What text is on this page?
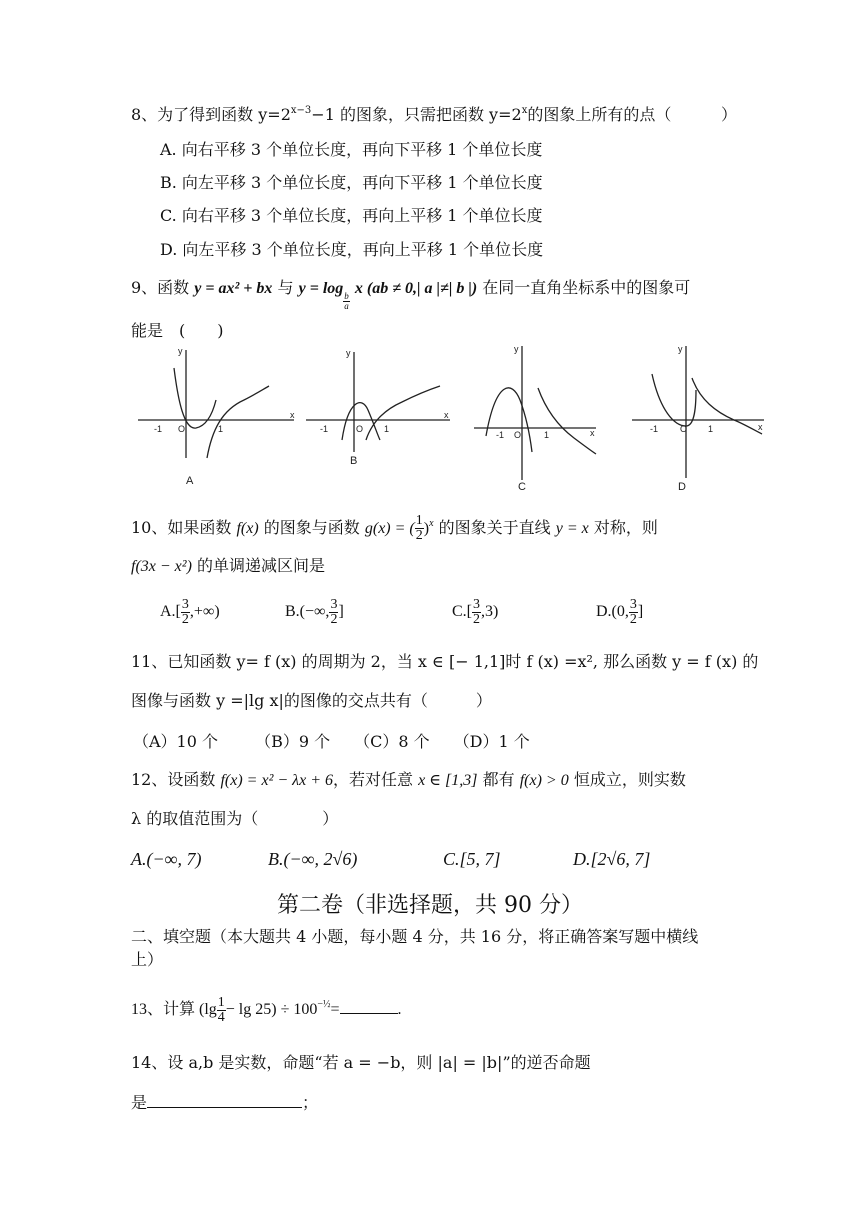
8、为了得到函数 $y=2^{x-3}-1$ 的图象，只需把函数 $y=2^x$的图象上所有的点（	）
A. 向右平移 3 个单位长度，再向下平移 1 个单位长度
B. 向左平移 3 个单位长度，再向下平移 1 个单位长度
C. 向右平移 3 个单位长度，再向上平移 1 个单位长度
D. 向左平移 3 个单位长度，再向上平移 1 个单位长度
9、函数 y = ax² + bx 与 y = log
$\frac{b}{a}$
x (ab ≠ 0,| a |≠| b |) 在同一直角坐标系中的图象可
能是　(　　)
y
x
O
-1	1
A
y
x
O
-1	1
B
y
x
O
-1	1
C
y
x
O
-1	1
D
10、如果函数 f(x) 的图象与函数 g(x) = ( $\frac{1}{2} )^x$ 的图象关于直线 y = x 对称，则
f(3x − x²) 的单调递减区间是
$A.[ \frac{3}{2}$ ,+∞)	B.(−∞, $\frac{3}{2}$ ]	$C.[ \frac{3}{2} ,3)$	D.(0, $\frac{3}{2}$ ]
11、已知函数 y= f (x) 的周期为 2，当 x ∈ [− 1,1]时 f (x) =x², 那么函数 y = f (x) 的
图像与函数 y =|lg x|的图像的交点共有（　　　）
（A）10 个　　 （B）9 个　　（C）8 个　　（D）1 个
12、设函数 f(x) = x² − λx + 6，若对任意 x ∈ [1,3] 都有 f(x) > 0 恒成立，则实数
λ 的取值范围为（　　　　）
A.(−∞, 7)	B.(−∞, 2√6)	C.[5, 7]	D.[2√6, 7]
第二卷（非选择题，共 90 分）
二、填空题（本大题共 4 小题，每小题 4 分，共 16 分，将正确答案写题中横线
上）
13、计算 $(\lg \frac{1}{4} - \lg 25) \div 100^{-\frac{1}{2}}=$	.
14、设 a,b 是实数，命题“若 a = −b，则 |a| = |b|”的逆否命题
是	；
